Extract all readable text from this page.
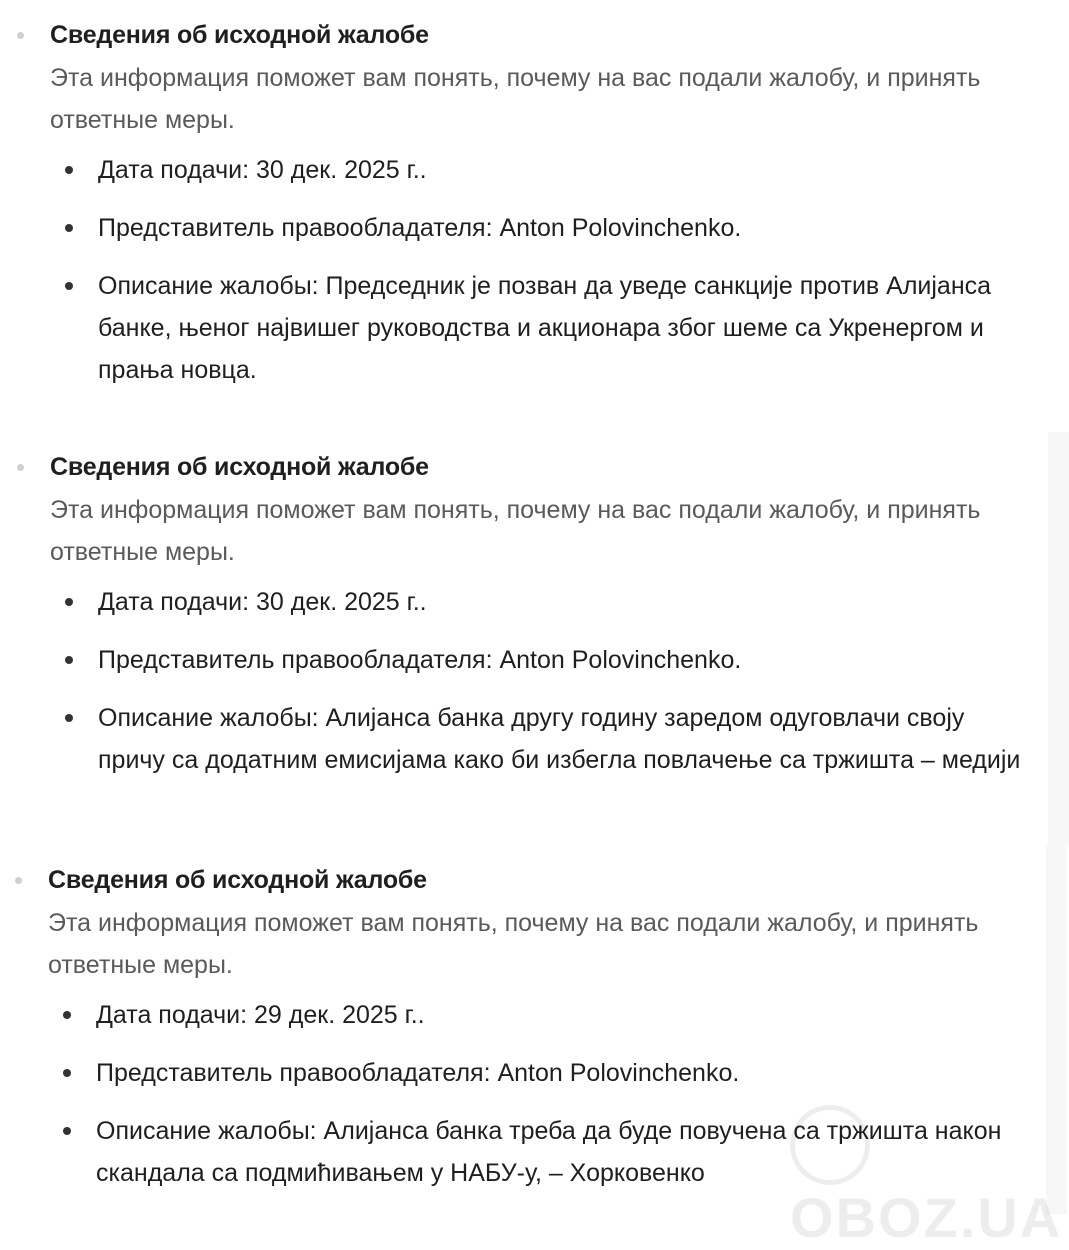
Сведения об исходной жалобе
Эта информация поможет вам понять, почему на вас подали жалобу, и принять ответные меры.
Дата подачи: 30 дек. 2025 г..
Представитель правообладателя: Anton Polovinchenko.
Описание жалобы: Председник је позван да уведе санкције против Алијанса банке, њеног највишег руководства и акционара због шеме са Укренергом и прања новца.
Сведения об исходной жалобе
Эта информация поможет вам понять, почему на вас подали жалобу, и принять ответные меры.
Дата подачи: 30 дек. 2025 г..
Представитель правообладателя: Anton Polovinchenko.
Описание жалобы: Алијанса банка другу годину заредом одуговлачи своју причу са додатним емисијама како би избегла повлачење са тржишта – медији
Сведения об исходной жалобе
Эта информация поможет вам понять, почему на вас подали жалобу, и принять ответные меры.
Дата подачи: 29 дек. 2025 г..
Представитель правообладателя: Anton Polovinchenko.
Описание жалобы: Алијанса банка треба да буде повучена са тржишта након скандала са подмићивањем у НАБУ-у, – Хорковенко
OBOZ.UA
